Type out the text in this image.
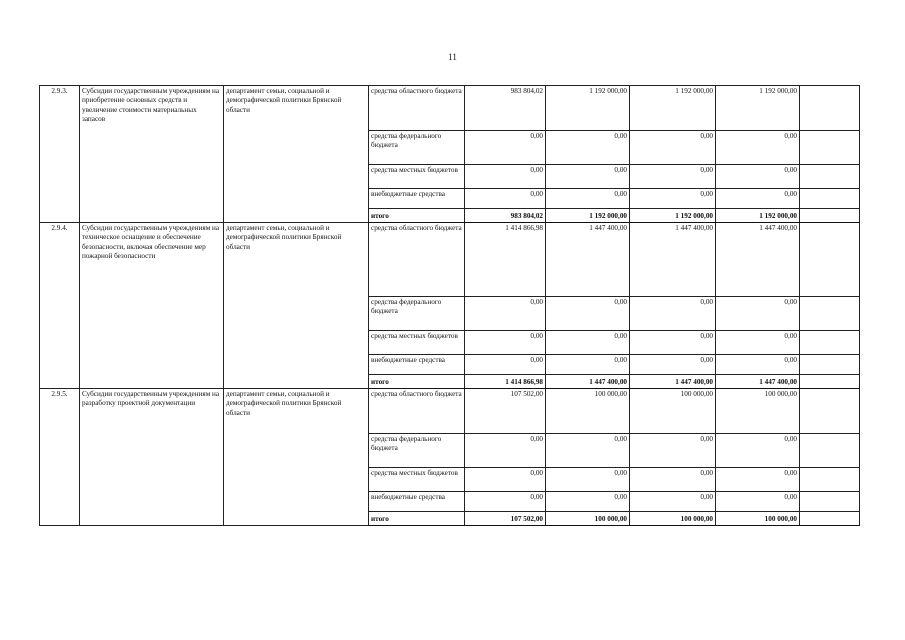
11
2.9.3.	Субсидии государственным учреждениям на приобретение основных средств и увеличение стоимости материальных запасов	департамент семьи, социальной и демографической политики Брянской области	средства областного бюджета	983 804,02	1 192 000,00	1 192 000,00	1 192 000,00	
			средства федерального бюджета	0,00	0,00	0,00	0,00	
			средства местных бюджетов	0,00	0,00	0,00	0,00	
			внебюджетные средства	0,00	0,00	0,00	0,00	
			итого	983 804,02	1 192 000,00	1 192 000,00	1 192 000,00	
2.9.4.	Субсидии государственным учреждениям на техническое оснащение и обеспечение безопасности, включая обеспечение мер пожарной безопасности	департамент семьи, социальной и демографической политики Брянской области	средства областного бюджета	1 414 866,98	1 447 400,00	1 447 400,00	1 447 400,00	
			средства федерального бюджета	0,00	0,00	0,00	0,00	
			средства местных бюджетов	0,00	0,00	0,00	0,00	
			внебюджетные средства	0,00	0,00	0,00	0,00	
			итого	1 414 866,98	1 447 400,00	1 447 400,00	1 447 400,00	
2.9.5.	Субсидии государственным учреждениям на разработку проектной документации	департамент семьи, социальной и демографической политики Брянской области	средства областного бюджета	107 502,00	100 000,00	100 000,00	100 000,00	
			средства федерального бюджета	0,00	0,00	0,00	0,00	
			средства местных бюджетов	0,00	0,00	0,00	0,00	
			внебюджетные средства	0,00	0,00	0,00	0,00	
			итого	107 502,00	100 000,00	100 000,00	100 000,00	
